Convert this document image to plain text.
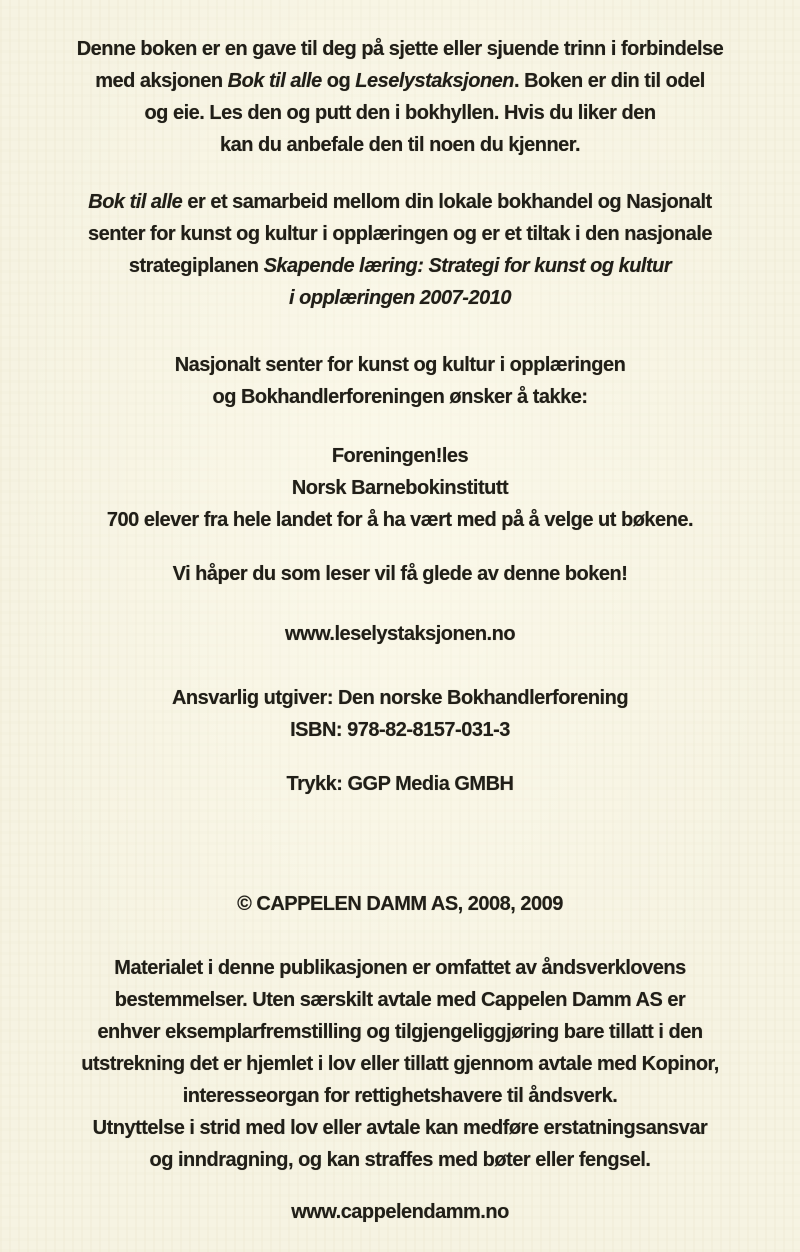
Denne boken er en gave til deg på sjette eller sjuende trinn i forbindelse
med aksjonen Bok til alle og Leselystaksjonen. Boken er din til odel
og eie. Les den og putt den i bokhyllen. Hvis du liker den
kan du anbefale den til noen du kjenner.
Bok til alle er et samarbeid mellom din lokale bokhandel og Nasjonalt
senter for kunst og kultur i opplæringen og er et tiltak i den nasjonale
strategiplanen Skapende læring: Strategi for kunst og kultur
i opplæringen 2007-2010
Nasjonalt senter for kunst og kultur i opplæringen
og Bokhandlerforeningen ønsker å takke:
Foreningen!les
Norsk Barnebokinstitutt
700 elever fra hele landet for å ha vært med på å velge ut bøkene.
Vi håper du som leser vil få glede av denne boken!
www.leselystaksjonen.no
Ansvarlig utgiver: Den norske Bokhandlerforening
ISBN: 978-82-8157-031-3
Trykk: GGP Media GMBH
© CAPPELEN DAMM AS, 2008, 2009
Materialet i denne publikasjonen er omfattet av åndsverklovens
bestemmelser. Uten særskilt avtale med Cappelen Damm AS er
enhver eksemplarfremstilling og tilgjengeliggjøring bare tillatt i den
utstrekning det er hjemlet i lov eller tillatt gjennom avtale med Kopinor,
interesseorgan for rettighetshavere til åndsverk.
Utnyttelse i strid med lov eller avtale kan medføre erstatningsansvar
og inndragning, og kan straffes med bøter eller fengsel.
www.cappelendamm.no
